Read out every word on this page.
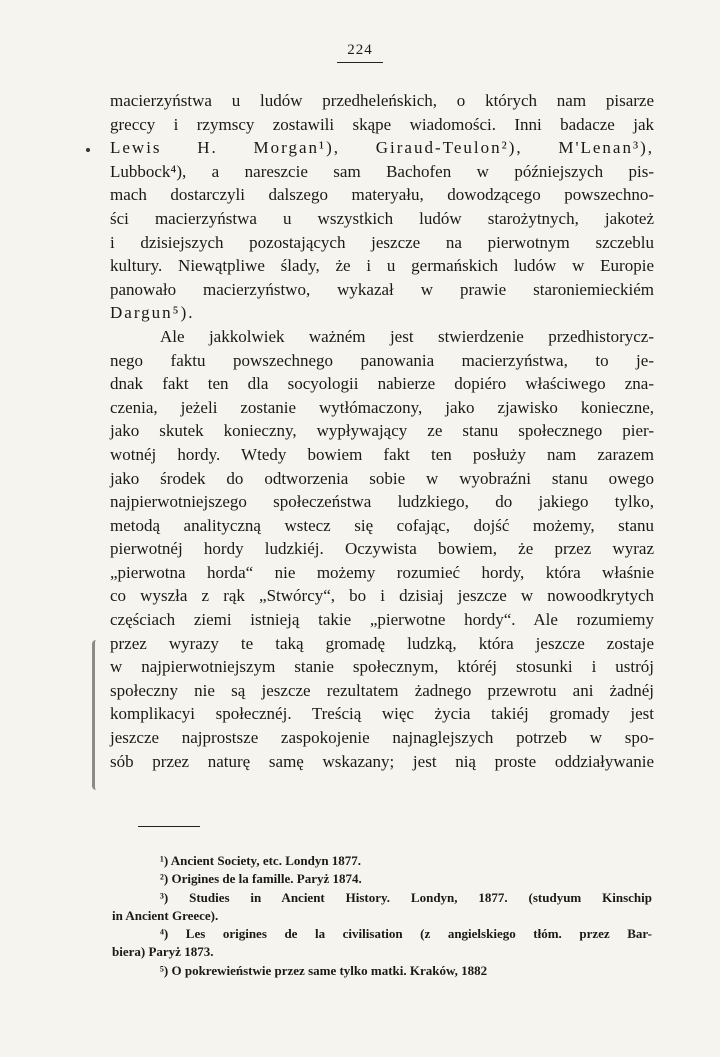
224
macierzyństwa u ludów przedheleńskich, o których nam pisarze
greccy i rzymscy zostawili skąpe wiadomości. Inni badacze jak
Lewis H. Morgan¹), Giraud-Teulon²), M'Lenan³),
Lubbock⁴), a nareszcie sam Bachofen w późniejszych pis-
mach dostarczyli dalszego materyału, dowodzącego powszechno-
ści macierzyństwa u wszystkich ludów starożytnych, jakoteż
i dzisiejszych pozostających jeszcze na pierwotnym szczeblu
kultury. Niewątpliwe ślady, że i u germańskich ludów w Europie
panowało macierzyństwo, wykazał w prawie staroniemieckiém
Dargun⁵).
Ale jakkolwiek ważném jest stwierdzenie przedhistorycz-
nego faktu powszechnego panowania macierzyństwa, to je-
dnak fakt ten dla socyologii nabierze dopiéro właściwego zna-
czenia, jeżeli zostanie wytłómaczony, jako zjawisko konieczne,
jako skutek konieczny, wypływający ze stanu społecznego pier-
wotnéj hordy. Wtedy bowiem fakt ten posłuży nam zarazem
jako środek do odtworzenia sobie w wyobraźni stanu owego
najpierwotniejszego społeczeństwa ludzkiego, do jakiego tylko,
metodą analityczną wstecz się cofając, dojść możemy, stanu
pierwotnéj hordy ludzkiéj. Oczywista bowiem, że przez wyraz
„pierwotna horda“ nie możemy rozumieć hordy, która właśnie
co wyszła z rąk „Stwórcy“, bo i dzisiaj jeszcze w nowoodkrytych
częściach ziemi istnieją takie „pierwotne hordy“. Ale rozumiemy
przez wyrazy te taką gromadę ludzką, która jeszcze zostaje
w najpierwotniejszym stanie społecznym, któréj stosunki i ustrój
społeczny nie są jeszcze rezultatem żadnego przewrotu ani żadnéj
komplikacyi społecznéj. Treścią więc życia takiéj gromady jest
jeszcze najprostsze zaspokojenie najnaglejszych potrzeb w spo-
sób przez naturę samę wskazany; jest nią proste oddziaływanie
¹) Ancient Society, etc. Londyn 1877.
²) Origines de la famille. Paryż 1874.
³) Studies in Ancient History. Londyn, 1877. (studyum Kinschip
in Ancient Greece).
⁴) Les origines de la civilisation (z angielskiego tłóm. przez Bar-
biera) Paryż 1873.
⁵) O pokrewieństwie przez same tylko matki. Kraków, 1882
